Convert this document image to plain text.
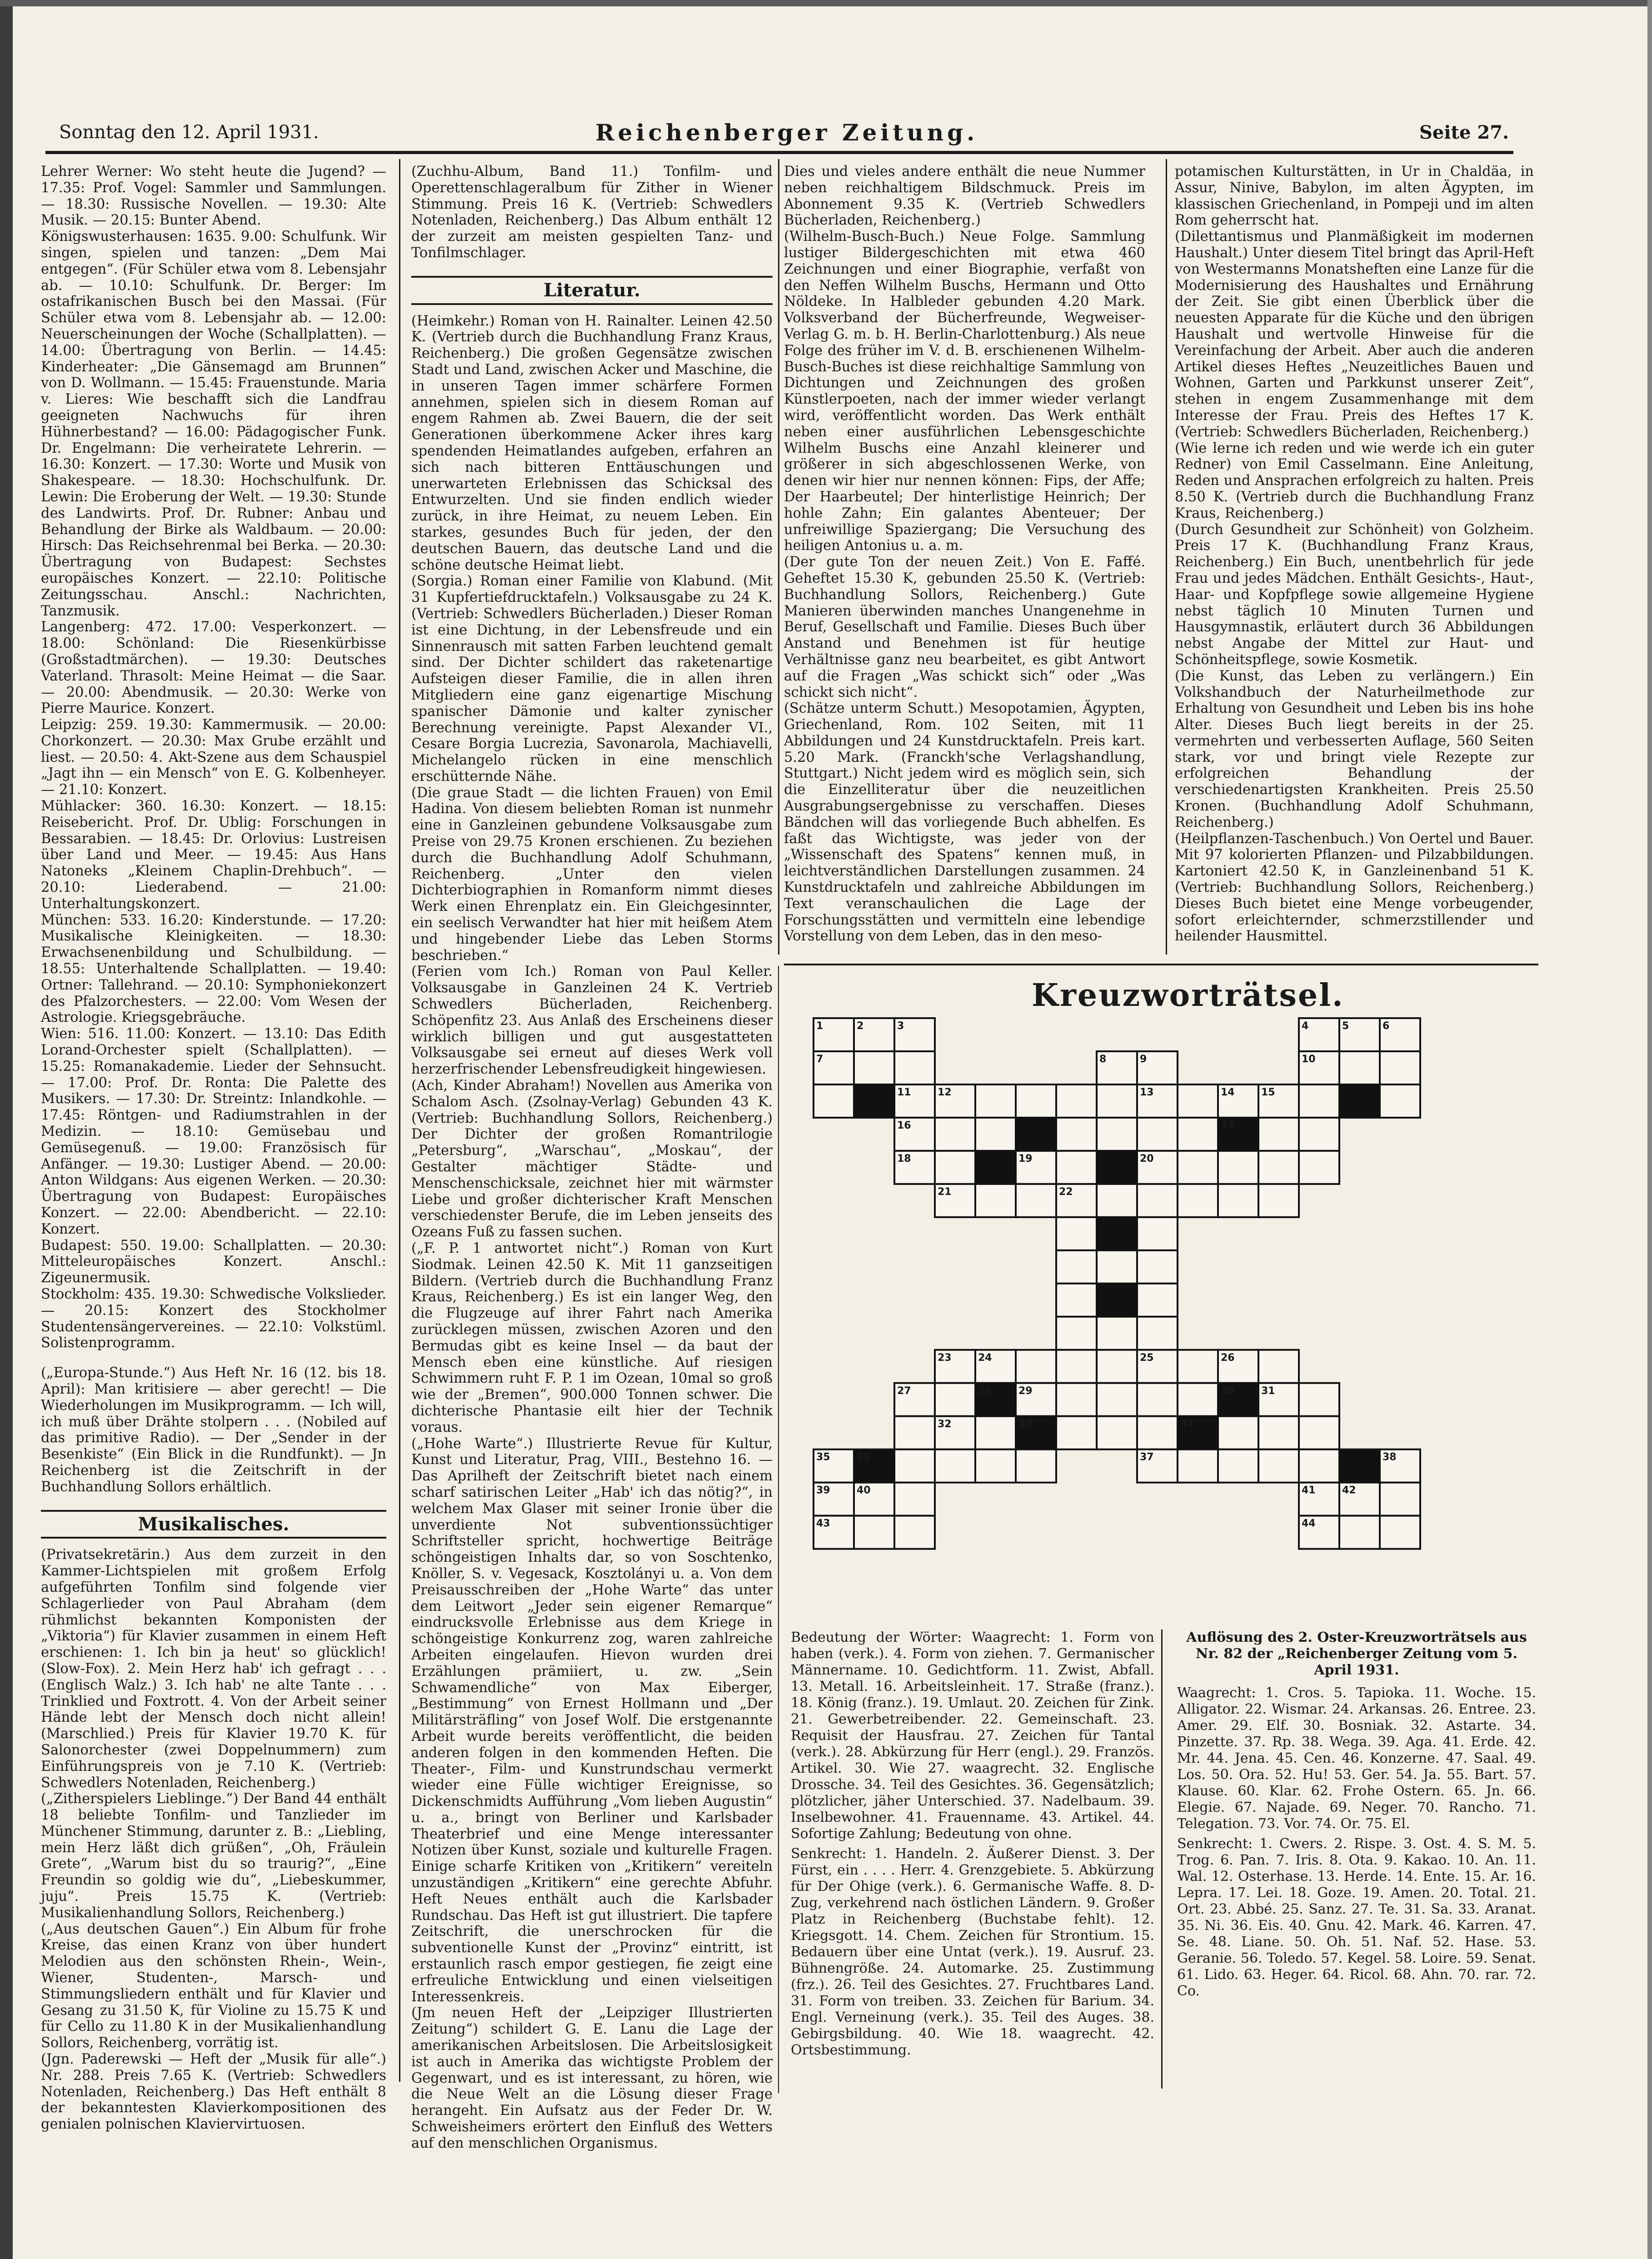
Sonntag den 12. April 1931.	Reichenberger Zeitung.	Seite 27.

Lehrer Werner: Wo steht heute die Jugend? — 17.35: Prof. Vogel: Sammler und Sammlungen. — 18.30: Russische Novellen. — 19.30: Alte Musik. — 20.15: Bunter Abend.

Königswusterhausen: 1635. 9.00: Schulfunk. Wir singen, spielen und tanzen: „Dem Mai entgegen“. (Für Schüler etwa vom 8. Lebensjahr ab. — 10.10: Schulfunk. Dr. Berger: Im ostafrikanischen Busch bei den Massai. (Für Schüler etwa vom 8. Lebensjahr ab. — 12.00: Neuerscheinungen der Woche (Schallplatten). — 14.00: Übertragung von Berlin. — 14.45: Kinderheater: „Die Gänsemagd am Brunnen“ von D. Wollmann. — 15.45: Frauenstunde. Maria v. Lieres: Wie beschafft sich die Landfrau geeigneten Nachwuchs für ihren Hühnerbestand? — 16.00: Pädagogischer Funk. Dr. Engelmann: Die verheiratete Lehrerin. — 16.30: Konzert. — 17.30: Worte und Musik von Shakespeare. — 18.30: Hochschulfunk. Dr. Lewin: Die Eroberung der Welt. — 19.30: Stunde des Landwirts. Prof. Dr. Rubner: Anbau und Behandlung der Birke als Waldbaum. — 20.00: Hirsch: Das Reichsehrenmal bei Berka. — 20.30: Übertragung von Budapest: Sechstes europäisches Konzert. — 22.10: Politische Zeitungsschau. Anschl.: Nachrichten, Tanzmusik.

Langenberg: 472. 17.00: Vesperkonzert. — 18.00: Schönland: Die Riesenkürbisse (Großstadtmärchen). — 19.30: Deutsches Vaterland. Thrasolt: Meine Heimat — die Saar. — 20.00: Abendmusik. — 20.30: Werke von Pierre Maurice. Konzert.

Leipzig: 259. 19.30: Kammermusik. — 20.00: Chorkonzert. — 20.30: Max Grube erzählt und liest. — 20.50: 4. Akt-Szene aus dem Schauspiel „Jagt ihn — ein Mensch“ von E. G. Kolbenheyer. — 21.10: Konzert.

Mühlacker: 360. 16.30: Konzert. — 18.15: Reisebericht. Prof. Dr. Ublig: Forschungen in Bessarabien. — 18.45: Dr. Orlovius: Lustreisen über Land und Meer. — 19.45: Aus Hans Natoneks „Kleinem Chaplin-Drehbuch“. — 20.10: Liederabend. — 21.00: Unterhaltungskonzert.

München: 533. 16.20: Kinderstunde. — 17.20: Musikalische Kleinigkeiten. — 18.30: Erwachsenenbildung und Schulbildung. — 18.55: Unterhaltende Schallplatten. — 19.40: Ortner: Tallehrand. — 20.10: Symphoniekonzert des Pfalzorchesters. — 22.00: Vom Wesen der Astrologie. Kriegsgebräuche.

Wien: 516. 11.00: Konzert. — 13.10: Das Edith Lorand-Orchester spielt (Schallplatten). — 15.25: Romanakademie. Lieder der Sehnsucht. — 17.00: Prof. Dr. Ronta: Die Palette des Musikers. — 17.30: Dr. Streintz: Inlandkohle. — 17.45: Röntgen- und Radiumstrahlen in der Medizin. — 18.10: Gemüsebau und Gemüsegenuß. — 19.00: Französisch für Anfänger. — 19.30: Lustiger Abend. — 20.00: Anton Wildgans: Aus eigenen Werken. — 20.30: Übertragung von Budapest: Europäisches Konzert. — 22.00: Abendbericht. — 22.10: Konzert.

Budapest: 550. 19.00: Schallplatten. — 20.30: Mitteleuropäisches Konzert. Anschl.: Zigeunermusik.

Stockholm: 435. 19.30: Schwedische Volkslieder. — 20.15: Konzert des Stockholmer Studentensängervereines. — 22.10: Volkstüml. Solistenprogramm.

(„Europa-Stunde.“) Aus Heft Nr. 16 (12. bis 18. April): Man kritisiere — aber gerecht! — Die Wiederholungen im Musikprogramm. — Ich will, ich muß über Drähte stolpern . . . (Nobiled auf das primitive Radio). — Der „Sender in der Besenkiste“ (Ein Blick in die Rundfunkt). — Jn Reichenberg ist die Zeitschrift in der Buchhandlung Sollors erhältlich.

Musikalisches.

(Privatsekretärin.) Aus dem zurzeit in den Kammer-Lichtspielen mit großem Erfolg aufgeführten Tonfilm sind folgende vier Schlagerlieder von Paul Abraham (dem rühmlichst bekannten Komponisten der „Viktoria“) für Klavier zusammen in einem Heft erschienen: 1. Ich bin ja heut' so glücklich! (Slow-Fox). 2. Mein Herz hab' ich gefragt . . . (Englisch Walz.) 3. Ich hab' ne alte Tante . . . Trinklied und Foxtrott. 4. Von der Arbeit seiner Hände lebt der Mensch doch nicht allein! (Marschlied.) Preis für Klavier 19.70 K. für Salonorchester (zwei Doppelnummern) zum Einführungspreis von je 7.10 K. (Vertrieb: Schwedlers Notenladen, Reichenberg.)

(„Zitherspielers Lieblinge.“) Der Band 44 enthält 18 beliebte Tonfilm- und Tanzlieder im Münchener Stimmung, darunter z. B.: „Liebling, mein Herz läßt dich grüßen“, „Oh, Fräulein Grete“, „Warum bist du so traurig?“, „Eine Freundin so goldig wie du“, „Liebeskummer, juju“. Preis 15.75 K. (Vertrieb: Musikalienhandlung Sollors, Reichenberg.)

(„Aus deutschen Gauen“.) Ein Album für frohe Kreise, das einen Kranz von über hundert Melodien aus den schönsten Rhein-, Wein-, Wiener, Studenten-, Marsch- und Stimmungsliedern enthält und für Klavier und Gesang zu 31.50 K, für Violine zu 15.75 K und für Cello zu 11.80 K in der Musikalienhandlung Sollors, Reichenberg, vorrätig ist.

(Jgn. Paderewski — Heft der „Musik für alle“.) Nr. 288. Preis 7.65 K. (Vertrieb: Schwedlers Notenladen, Reichenberg.) Das Heft enthält 8 der bekanntesten Klavierkompositionen des genialen polnischen Klaviervirtuosen.

(Zuchhu-Album, Band 11.) Tonfilm- und Operettenschlageralbum für Zither in Wiener Stimmung. Preis 16 K. (Vertrieb: Schwedlers Notenladen, Reichenberg.) Das Album enthält 12 der zurzeit am meisten gespielten Tanz- und Tonfilmschlager.

Literatur.

(Heimkehr.) Roman von H. Rainalter. Leinen 42.50 K. (Vertrieb durch die Buchhandlung Franz Kraus, Reichenberg.) Die großen Gegensätze zwischen Stadt und Land, zwischen Acker und Maschine, die in unseren Tagen immer schärfere Formen annehmen, spielen sich in diesem Roman auf engem Rahmen ab. Zwei Bauern, die der seit Generationen überkommene Acker ihres karg spendenden Heimatlandes aufgeben, erfahren an sich nach bitteren Enttäuschungen und unerwarteten Erlebnissen das Schicksal des Entwurzelten. Und sie finden endlich wieder zurück, in ihre Heimat, zu neuem Leben. Ein starkes, gesundes Buch für jeden, der den deutschen Bauern, das deutsche Land und die schöne deutsche Heimat liebt.

(Sorgia.) Roman einer Familie von Klabund. (Mit 31 Kupfertiefdrucktafeln.) Volksausgabe zu 24 K. (Vertrieb: Schwedlers Bücherladen.) Dieser Roman ist eine Dichtung, in der Lebensfreude und ein Sinnenrausch mit satten Farben leuchtend gemalt sind. Der Dichter schildert das raketenartige Aufsteigen dieser Familie, die in allen ihren Mitgliedern eine ganz eigenartige Mischung spanischer Dämonie und kalter zynischer Berechnung vereinigte. Papst Alexander VI., Cesare Borgia Lucrezia, Savonarola, Machiavelli, Michelangelo rücken in eine menschlich erschütternde Nähe.

(Die graue Stadt — die lichten Frauen) von Emil Hadina. Von diesem beliebten Roman ist nunmehr eine in Ganzleinen gebundene Volksausgabe zum Preise von 29.75 Kronen erschienen. Zu beziehen durch die Buchhandlung Adolf Schuhmann, Reichenberg. „Unter den vielen Dichterbiographien in Romanform nimmt dieses Werk einen Ehrenplatz ein. Ein Gleichgesinnter, ein seelisch Verwandter hat hier mit heißem Atem und hingebender Liebe das Leben Storms beschrieben.“

(Ferien vom Ich.) Roman von Paul Keller. Volksausgabe in Ganzleinen 24 K. Vertrieb Schwedlers Bücherladen, Reichenberg. Schöpenfitz 23. Aus Anlaß des Erscheinens dieser wirklich billigen und gut ausgestatteten Volksausgabe sei erneut auf dieses Werk voll herzerfrischender Lebensfreudigkeit hingewiesen.

(Ach, Kinder Abraham!) Novellen aus Amerika von Schalom Asch. (Zsolnay-Verlag) Gebunden 43 K. (Vertrieb: Buchhandlung Sollors, Reichenberg.) Der Dichter der großen Romantrilogie „Petersburg“, „Warschau“, „Moskau“, der Gestalter mächtiger Städte- und Menschenschicksale, zeichnet hier mit wärmster Liebe und großer dichterischer Kraft Menschen verschiedenster Berufe, die im Leben jenseits des Ozeans Fuß zu fassen suchen.

(„F. P. 1 antwortet nicht“.) Roman von Kurt Siodmak. Leinen 42.50 K. Mit 11 ganzseitigen Bildern. (Vertrieb durch die Buchhandlung Franz Kraus, Reichenberg.) Es ist ein langer Weg, den die Flugzeuge auf ihrer Fahrt nach Amerika zurücklegen müssen, zwischen Azoren und den Bermudas gibt es keine Insel — da baut der Mensch eben eine künstliche. Auf riesigen Schwimmern ruht F. P. 1 im Ozean, 10mal so groß wie der „Bremen“, 900.000 Tonnen schwer. Die dichterische Phantasie eilt hier der Technik voraus.

(„Hohe Warte“.) Illustrierte Revue für Kultur, Kunst und Literatur, Prag, VIII., Bestehno 16. — Das Aprilheft der Zeitschrift bietet nach einem scharf satirischen Leiter „Hab' ich das nötig?“, in welchem Max Glaser mit seiner Ironie über die unverdiente Not subventionssüchtiger Schriftsteller spricht, hochwertige Beiträge schöngeistigen Inhalts dar, so von Soschtenko, Knöller, S. v. Vegesack, Kosztolányi u. a. Von dem Preisausschreiben der „Hohe Warte“ das unter dem Leitwort „Jeder sein eigener Remarque“ eindrucksvolle Erlebnisse aus dem Kriege in schöngeistige Konkurrenz zog, waren zahlreiche Arbeiten eingelaufen. Hievon wurden drei Erzählungen prämiiert, u. zw. „Sein Schwamendliche“ von Max Eiberger, „Bestimmung“ von Ernest Hollmann und „Der Militärsträfling“ von Josef Wolf. Die erstgenannte Arbeit wurde bereits veröffentlicht, die beiden anderen folgen in den kommenden Heften. Die Theater-, Film- und Kunstrundschau vermerkt wieder eine Fülle wichtiger Ereignisse, so Dickenschmidts Aufführung „Vom lieben Augustin“ u. a., bringt von Berliner und Karlsbader Theaterbrief und eine Menge interessanter Notizen über Kunst, soziale und kulturelle Fragen. Einige scharfe Kritiken von „Kritikern“ vereiteln unzuständigen „Kritikern“ eine gerechte Abfuhr. Heft Neues enthält auch die Karlsbader Rundschau. Das Heft ist gut illustriert. Die tapfere Zeitschrift, die unerschrocken für die subventionelle Kunst der „Provinz“ eintritt, ist erstaunlich rasch empor gestiegen, fie zeigt eine erfreuliche Entwicklung und einen vielseitigen Interessenkreis.

(Jm neuen Heft der „Leipziger Illustrierten Zeitung“) schildert G. E. Lanu die Lage der amerikanischen Arbeitslosen. Die Arbeitslosigkeit ist auch in Amerika das wichtigste Problem der Gegenwart, und es ist interessant, zu hören, wie die Neue Welt an die Lösung dieser Frage herangeht. Ein Aufsatz aus der Feder Dr. W. Schweisheimers erörtert den Einfluß des Wetters auf den menschlichen Organismus.

Dies und vieles andere enthält die neue Nummer neben reichhaltigem Bildschmuck. Preis im Abonnement 9.35 K. (Vertrieb Schwedlers Bücherladen, Reichenberg.)

(Wilhelm-Busch-Buch.) Neue Folge. Sammlung lustiger Bildergeschichten mit etwa 460 Zeichnungen und einer Biographie, verfaßt von den Neffen Wilhelm Buschs, Hermann und Otto Nöldeke. In Halbleder gebunden 4.20 Mark. Volksverband der Bücherfreunde, Wegweiser-Verlag G. m. b. H. Berlin-Charlottenburg.) Als neue Folge des früher im V. d. B. erschienenen Wilhelm-Busch-Buches ist diese reichhaltige Sammlung von Dichtungen und Zeichnungen des großen Künstlerpoeten, nach der immer wieder verlangt wird, veröffentlicht worden. Das Werk enthält neben einer ausführlichen Lebensgeschichte Wilhelm Buschs eine Anzahl kleinerer und größerer in sich abgeschlossenen Werke, von denen wir hier nur nennen können: Fips, der Affe; Der Haarbeutel; Der hinterlistige Heinrich; Der hohle Zahn; Ein galantes Abenteuer; Der unfreiwillige Spaziergang; Die Versuchung des heiligen Antonius u. a. m.

(Der gute Ton der neuen Zeit.) Von E. Faffé. Geheftet 15.30 K, gebunden 25.50 K. (Vertrieb: Buchhandlung Sollors, Reichenberg.) Gute Manieren überwinden manches Unangenehme in Beruf, Gesellschaft und Familie. Dieses Buch über Anstand und Benehmen ist für heutige Verhältnisse ganz neu bearbeitet, es gibt Antwort auf die Fragen „Was schickt sich“ oder „Was schickt sich nicht“.

(Schätze unterm Schutt.) Mesopotamien, Ägypten, Griechenland, Rom. 102 Seiten, mit 11 Abbildungen und 24 Kunstdrucktafeln. Preis kart. 5.20 Mark. (Franckh'sche Verlagshandlung, Stuttgart.) Nicht jedem wird es möglich sein, sich die Einzelliteratur über die neuzeitlichen Ausgrabungsergebnisse zu verschaffen. Dieses Bändchen will das vorliegende Buch abhelfen. Es faßt das Wichtigste, was jeder von der „Wissenschaft des Spatens“ kennen muß, in leichtverständlichen Darstellungen zusammen. 24 Kunstdrucktafeln und zahlreiche Abbildungen im Text veranschaulichen die Lage der Forschungsstätten und vermitteln eine lebendige Vorstellung von dem Leben, das in den meso-

potamischen Kulturstätten, in Ur in Chaldäa, in Assur, Ninive, Babylon, im alten Ägypten, im klassischen Griechenland, in Pompeji und im alten Rom geherrscht hat.

(Dilettantismus und Planmäßigkeit im modernen Haushalt.) Unter diesem Titel bringt das April-Heft von Westermanns Monatsheften eine Lanze für die Modernisierung des Haushaltes und Ernährung der Zeit. Sie gibt einen Überblick über die neuesten Apparate für die Küche und den übrigen Haushalt und wertvolle Hinweise für die Vereinfachung der Arbeit. Aber auch die anderen Artikel dieses Heftes „Neuzeitliches Bauen und Wohnen, Garten und Parkkunst unserer Zeit“, stehen in engem Zusammenhange mit dem Interesse der Frau. Preis des Heftes 17 K. (Vertrieb: Schwedlers Bücherladen, Reichenberg.)

(Wie lerne ich reden und wie werde ich ein guter Redner) von Emil Casselmann. Eine Anleitung, Reden und Ansprachen erfolgreich zu halten. Preis 8.50 K. (Vertrieb durch die Buchhandlung Franz Kraus, Reichenberg.)

(Durch Gesundheit zur Schönheit) von Golzheim. Preis 17 K. (Buchhandlung Franz Kraus, Reichenberg.) Ein Buch, unentbehrlich für jede Frau und jedes Mädchen. Enthält Gesichts-, Haut-, Haar- und Kopfpflege sowie allgemeine Hygiene nebst täglich 10 Minuten Turnen und Hausgymnastik, erläutert durch 36 Abbildungen nebst Angabe der Mittel zur Haut- und Schönheitspflege, sowie Kosmetik.

(Die Kunst, das Leben zu verlängern.) Ein Volkshandbuch der Naturheilmethode zur Erhaltung von Gesundheit und Leben bis ins hohe Alter. Dieses Buch liegt bereits in der 25. vermehrten und verbesserten Auflage, 560 Seiten stark, vor und bringt viele Rezepte zur erfolgreichen Behandlung der verschiedenartigsten Krankheiten. Preis 25.50 Kronen. (Buchhandlung Adolf Schuhmann, Reichenberg.)

(Heilpflanzen-Taschenbuch.) Von Oertel und Bauer. Mit 97 kolorierten Pflanzen- und Pilzabbildungen. Kartoniert 42.50 K, in Ganzleinenband 51 K. (Vertrieb: Buchhandlung Sollors, Reichenberg.) Dieses Buch bietet eine Menge vorbeugender, sofort erleichternder, schmerzstillender und heilender Hausmittel.

Kreuzworträtsel.
1	2	3	4	5	6
7	8	9	10
11	12	13	14	15
16	17
18	19	20
21	22
23	24	25	26
27	28	29	30	31
32	33	34
35	36	37	38
39	40	41	42
43	44

Bedeutung der Wörter: Waagrecht: 1. Form von haben (verk.). 4. Form von ziehen. 7. Germanischer Männername. 10. Gedichtform. 11. Zwist, Abfall. 13. Metall. 16. Arbeitsleinheit. 17. Straße (franz.). 18. König (franz.). 19. Umlaut. 20. Zeichen für Zink. 21. Gewerbetreibender. 22. Gemeinschaft. 23. Requisit der Hausfrau. 27. Zeichen für Tantal (verk.). 28. Abkürzung für Herr (engl.). 29. Französ. Artikel. 30. Wie 27. waagrecht. 32. Englische Drossche. 34. Teil des Gesichtes. 36. Gegensätzlich; plötzlicher, jäher Unterschied. 37. Nadelbaum. 39. Inselbewohner. 41. Frauenname. 43. Artikel. 44. Sofortige Zahlung; Bedeutung von ohne.

Senkrecht: 1. Handeln. 2. Äußerer Dienst. 3. Der Fürst, ein . . . . Herr. 4. Grenzgebiete. 5. Abkürzung für Der Ohige (verk.). 6. Germanische Waffe. 8. D-Zug, verkehrend nach östlichen Ländern. 9. Großer Platz in Reichenberg (Buchstabe fehlt). 12. Kriegsgott. 14. Chem. Zeichen für Strontium. 15. Bedauern über eine Untat (verk.). 19. Ausruf. 23. Bühnengröße. 24. Automarke. 25. Zustimmung (frz.). 26. Teil des Gesichtes. 27. Fruchtbares Land. 31. Form von treiben. 33. Zeichen für Barium. 34. Engl. Verneinung (verk.). 35. Teil des Auges. 38. Gebirgsbildung. 40. Wie 18. waagrecht. 42. Ortsbestimmung.

Auflösung des 2. Oster-Kreuzworträtsels aus Nr. 82 der „Reichenberger Zeitung vom 5. April 1931.

Waagrecht: 1. Cros. 5. Tapioka. 11. Woche. 15. Alligator. 22. Wismar. 24. Arkansas. 26. Entree. 23. Amer. 29. Elf. 30. Bosniak. 32. Astarte. 34. Pinzette. 37. Rp. 38. Wega. 39. Aga. 41. Erde. 42. Mr. 44. Jena. 45. Cen. 46. Konzerne. 47. Saal. 49. Los. 50. Ora. 52. Hu! 53. Ger. 54. Ja. 55. Bart. 57. Klause. 60. Klar. 62. Frohe Ostern. 65. Jn. 66. Elegie. 67. Najade. 69. Neger. 70. Rancho. 71. Telegation. 73. Vor. 74. Or. 75. El.

Senkrecht: 1. Cwers. 2. Rispe. 3. Ost. 4. S. M. 5. Trog. 6. Pan. 7. Iris. 8. Ota. 9. Kakao. 10. An. 11. Wal. 12. Osterhase. 13. Herde. 14. Ente. 15. Ar. 16. Lepra. 17. Lei. 18. Goze. 19. Amen. 20. Total. 21. Ort. 23. Abbé. 25. Sanz. 27. Te. 31. Sa. 33. Aranat. 35. Ni. 36. Eis. 40. Gnu. 42. Mark. 46. Karren. 47. Se. 48. Liane. 50. Oh. 51. Naf. 52. Hase. 53. Geranie. 56. Toledo. 57. Kegel. 58. Loire. 59. Senat. 61. Lido. 63. Heger. 64. Ricol. 68. Ahn. 70. rar. 72. Co.
